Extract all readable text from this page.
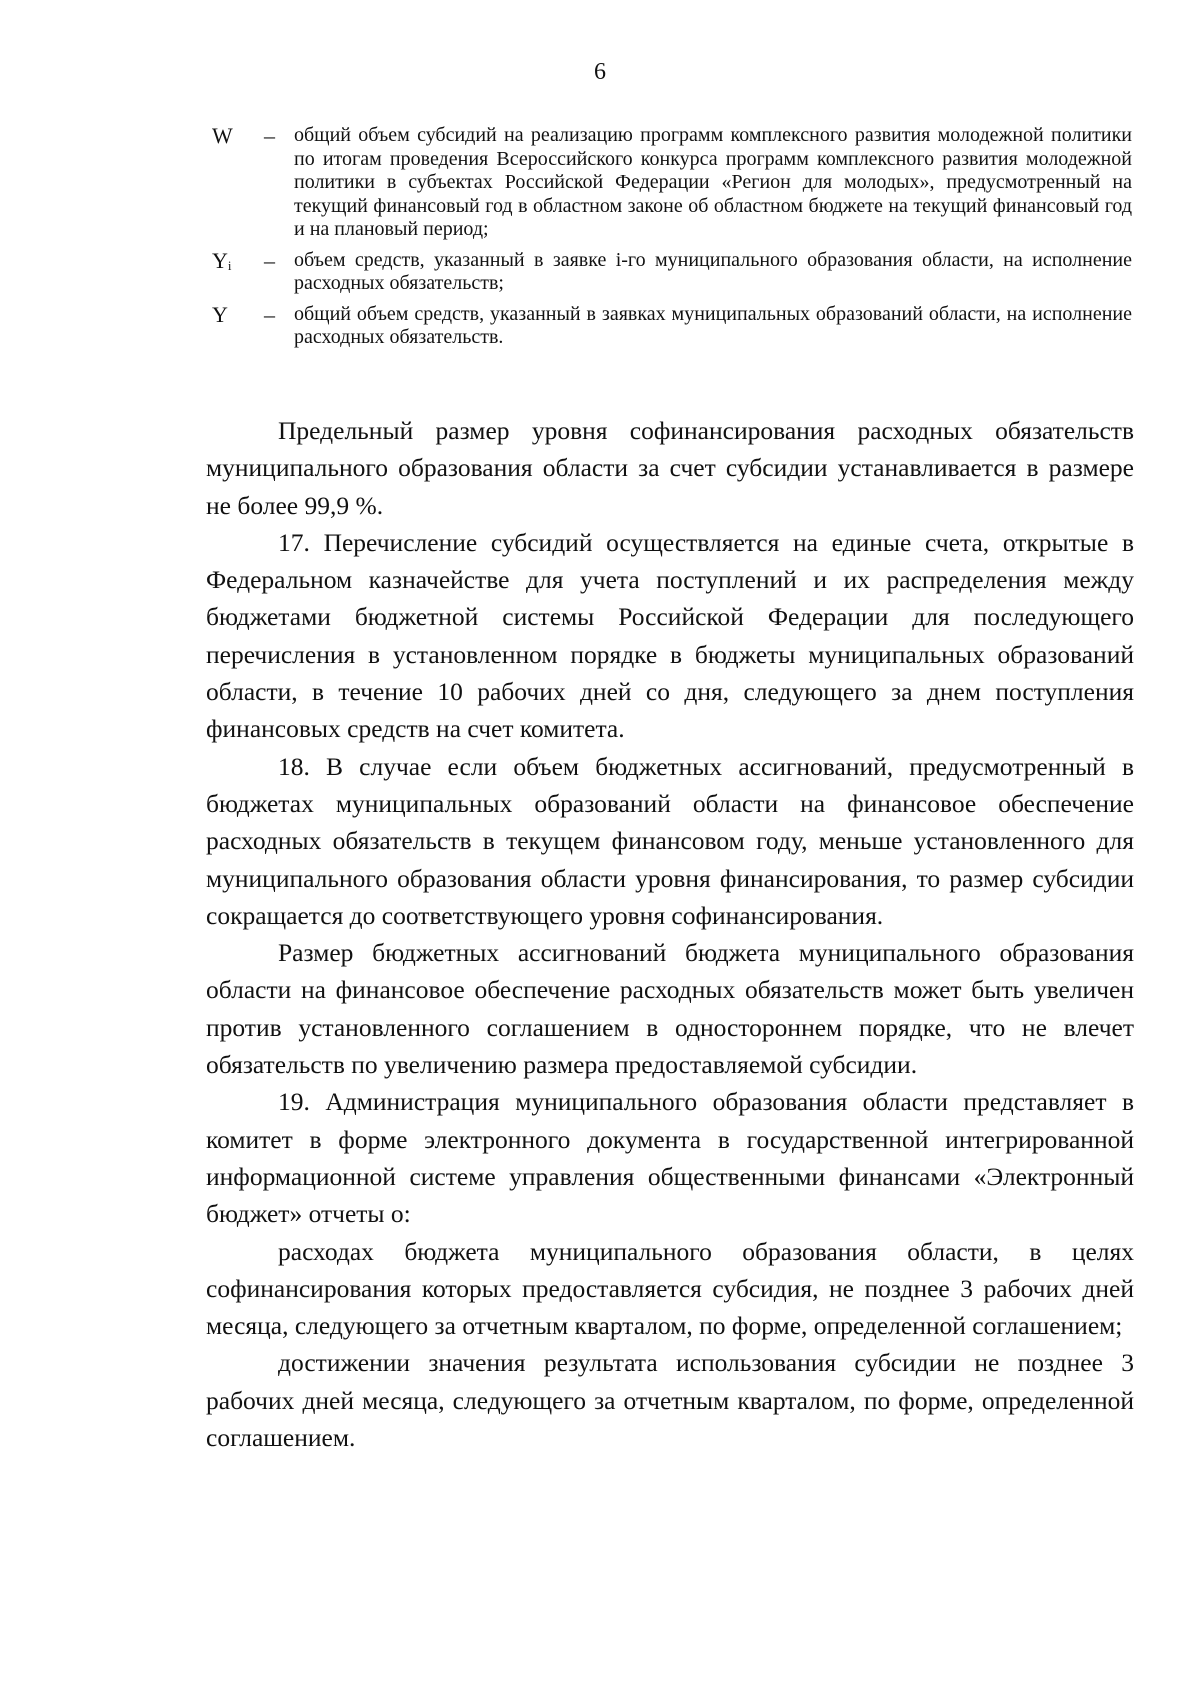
6
W	– общий объем субсидий на реализацию программ комплексного развития молодежной политики по итогам проведения Всероссийского конкурса программ комплексного развития молодежной политики в субъектах Российской Федерации «Регион для молодых», предусмотренный на текущий финансовый год в областном законе об областном бюджете на текущий финансовый год и на плановый период;
$Y_i$	– объем средств, указанный в заявке i-го муниципального образования области, на исполнение расходных обязательств;
Y	– общий объем средств, указанный в заявках муниципальных образований области, на исполнение расходных обязательств.

Предельный размер уровня софинансирования расходных обязательств муниципального образования области за счет субсидии устанавливается в размере не более 99,9 %.

17. Перечисление субсидий осуществляется на единые счета, открытые в Федеральном казначействе для учета поступлений и их распределения между бюджетами бюджетной системы Российской Федерации для последующего перечисления в установленном порядке в бюджеты муниципальных образований области, в течение 10 рабочих дней со дня, следующего за днем поступления финансовых средств на счет комитета.

18. В случае если объем бюджетных ассигнований, предусмотренный в бюджетах муниципальных образований области на финансовое обеспечение расходных обязательств в текущем финансовом году, меньше установленного для муниципального образования области уровня финансирования, то размер субсидии сокращается до соответствующего уровня софинансирования.

Размер бюджетных ассигнований бюджета муниципального образования области на финансовое обеспечение расходных обязательств может быть увеличен против установленного соглашением в одностороннем порядке, что не влечет обязательств по увеличению размера предоставляемой субсидии.

19. Администрация муниципального образования области представляет в комитет в форме электронного документа в государственной интегрированной информационной системе управления общественными финансами «Электронный бюджет» отчеты о:

расходах бюджета муниципального образования области, в целях софинансирования которых предоставляется субсидия, не позднее 3 рабочих дней месяца, следующего за отчетным кварталом, по форме, определенной соглашением;

достижении значения результата использования субсидии не позднее 3 рабочих дней месяца, следующего за отчетным кварталом, по форме, определенной соглашением.
